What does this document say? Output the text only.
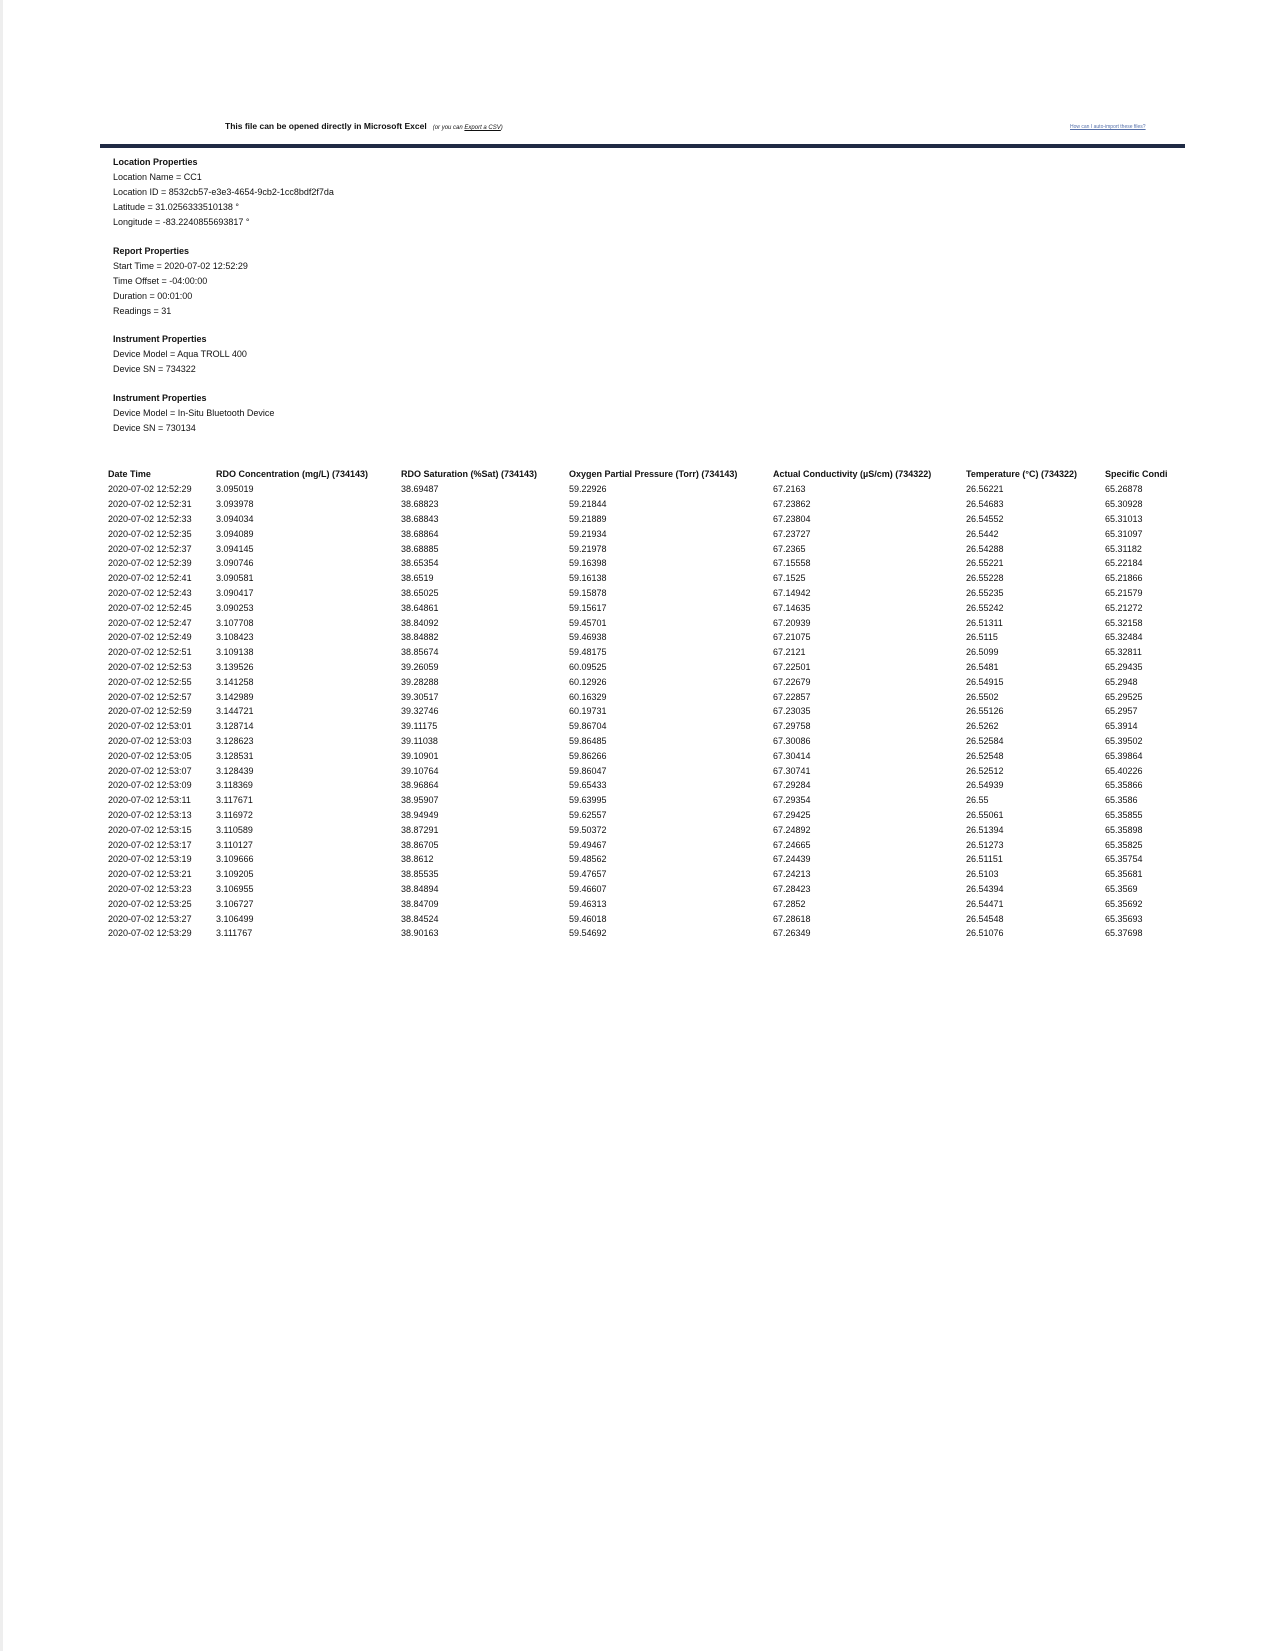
This file can be opened directly in Microsoft Excel (or you can Export a CSV)	How can I auto-import these files?
Location Properties
Location Name = CC1
Location ID = 8532cb57-e3e3-4654-9cb2-1cc8bdf2f7da
Latitude = 31.0256333510138 °
Longitude = -83.2240855693817 °
Report Properties
Start Time = 2020-07-02 12:52:29
Time Offset = -04:00:00
Duration = 00:01:00
Readings = 31
Instrument Properties
Device Model = Aqua TROLL 400
Device SN = 734322
Instrument Properties
Device Model = In-Situ Bluetooth Device
Device SN = 730134
Date Time	RDO Concentration (mg/L) (734143)	RDO Saturation (%Sat) (734143)	Oxygen Partial Pressure (Torr) (734143)	Actual Conductivity (µS/cm) (734322)	Temperature (°C) (734322)	Specific Condi
2020-07-02 12:52:29	3.095019	38.69487	59.22926	67.2163	26.56221	65.26878
2020-07-02 12:52:31	3.093978	38.68823	59.21844	67.23862	26.54683	65.30928
2020-07-02 12:52:33	3.094034	38.68843	59.21889	67.23804	26.54552	65.31013
2020-07-02 12:52:35	3.094089	38.68864	59.21934	67.23727	26.5442	65.31097
2020-07-02 12:52:37	3.094145	38.68885	59.21978	67.2365	26.54288	65.31182
2020-07-02 12:52:39	3.090746	38.65354	59.16398	67.15558	26.55221	65.22184
2020-07-02 12:52:41	3.090581	38.6519	59.16138	67.1525	26.55228	65.21866
2020-07-02 12:52:43	3.090417	38.65025	59.15878	67.14942	26.55235	65.21579
2020-07-02 12:52:45	3.090253	38.64861	59.15617	67.14635	26.55242	65.21272
2020-07-02 12:52:47	3.107708	38.84092	59.45701	67.20939	26.51311	65.32158
2020-07-02 12:52:49	3.108423	38.84882	59.46938	67.21075	26.5115	65.32484
2020-07-02 12:52:51	3.109138	38.85674	59.48175	67.2121	26.5099	65.32811
2020-07-02 12:52:53	3.139526	39.26059	60.09525	67.22501	26.5481	65.29435
2020-07-02 12:52:55	3.141258	39.28288	60.12926	67.22679	26.54915	65.2948
2020-07-02 12:52:57	3.142989	39.30517	60.16329	67.22857	26.5502	65.29525
2020-07-02 12:52:59	3.144721	39.32746	60.19731	67.23035	26.55126	65.2957
2020-07-02 12:53:01	3.128714	39.11175	59.86704	67.29758	26.5262	65.3914
2020-07-02 12:53:03	3.128623	39.11038	59.86485	67.30086	26.52584	65.39502
2020-07-02 12:53:05	3.128531	39.10901	59.86266	67.30414	26.52548	65.39864
2020-07-02 12:53:07	3.128439	39.10764	59.86047	67.30741	26.52512	65.40226
2020-07-02 12:53:09	3.118369	38.96864	59.65433	67.29284	26.54939	65.35866
2020-07-02 12:53:11	3.117671	38.95907	59.63995	67.29354	26.55	65.3586
2020-07-02 12:53:13	3.116972	38.94949	59.62557	67.29425	26.55061	65.35855
2020-07-02 12:53:15	3.110589	38.87291	59.50372	67.24892	26.51394	65.35898
2020-07-02 12:53:17	3.110127	38.86705	59.49467	67.24665	26.51273	65.35825
2020-07-02 12:53:19	3.109666	38.8612	59.48562	67.24439	26.51151	65.35754
2020-07-02 12:53:21	3.109205	38.85535	59.47657	67.24213	26.5103	65.35681
2020-07-02 12:53:23	3.106955	38.84894	59.46607	67.28423	26.54394	65.3569
2020-07-02 12:53:25	3.106727	38.84709	59.46313	67.2852	26.54471	65.35692
2020-07-02 12:53:27	3.106499	38.84524	59.46018	67.28618	26.54548	65.35693
2020-07-02 12:53:29	3.111767	38.90163	59.54692	67.26349	26.51076	65.37698
